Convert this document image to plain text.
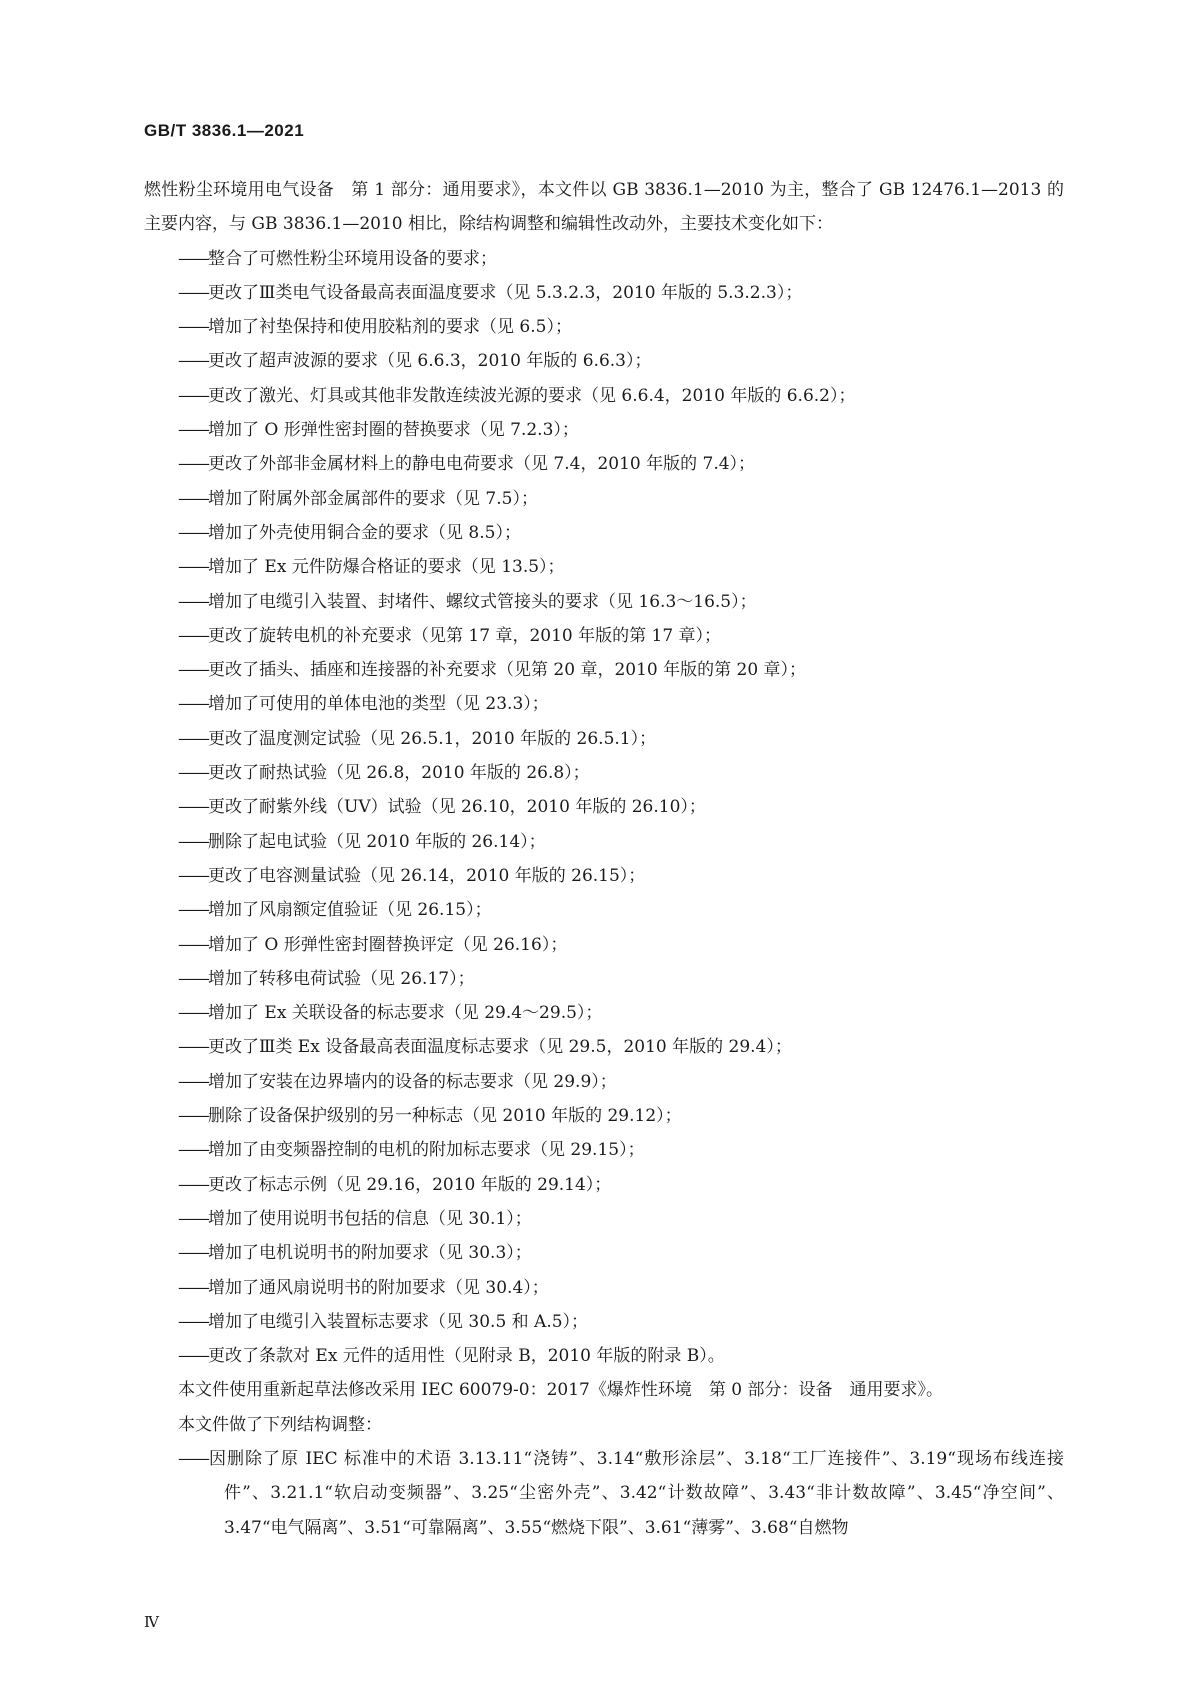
GB/T 3836.1—2021
燃性粉尘环境用电气设备　第 1 部分：通用要求》，本文件以 GB 3836.1—2010 为主，整合了 GB 12476.1—2013 的主要内容，与 GB 3836.1—2010 相比，除结构调整和编辑性改动外，主要技术变化如下：
——整合了可燃性粉尘环境用设备的要求；
——更改了Ⅲ类电气设备最高表面温度要求（见 5.3.2.3，2010 年版的 5.3.2.3）；
——增加了衬垫保持和使用胶粘剂的要求（见 6.5）；
——更改了超声波源的要求（见 6.6.3，2010 年版的 6.6.3）；
——更改了激光、灯具或其他非发散连续波光源的要求（见 6.6.4，2010 年版的 6.6.2）；
——增加了 O 形弹性密封圈的替换要求（见 7.2.3）；
——更改了外部非金属材料上的静电电荷要求（见 7.4，2010 年版的 7.4）；
——增加了附属外部金属部件的要求（见 7.5）；
——增加了外壳使用铜合金的要求（见 8.5）；
——增加了 Ex 元件防爆合格证的要求（见 13.5）；
——增加了电缆引入装置、封堵件、螺纹式管接头的要求（见 16.3～16.5）；
——更改了旋转电机的补充要求（见第 17 章，2010 年版的第 17 章）；
——更改了插头、插座和连接器的补充要求（见第 20 章，2010 年版的第 20 章）；
——增加了可使用的单体电池的类型（见 23.3）；
——更改了温度测定试验（见 26.5.1，2010 年版的 26.5.1）；
——更改了耐热试验（见 26.8，2010 年版的 26.8）；
——更改了耐紫外线（UV）试验（见 26.10，2010 年版的 26.10）；
——删除了起电试验（见 2010 年版的 26.14）；
——更改了电容测量试验（见 26.14，2010 年版的 26.15）；
——增加了风扇额定值验证（见 26.15）；
——增加了 O 形弹性密封圈替换评定（见 26.16）；
——增加了转移电荷试验（见 26.17）；
——增加了 Ex 关联设备的标志要求（见 29.4～29.5）；
——更改了Ⅲ类 Ex 设备最高表面温度标志要求（见 29.5，2010 年版的 29.4）；
——增加了安装在边界墙内的设备的标志要求（见 29.9）；
——删除了设备保护级别的另一种标志（见 2010 年版的 29.12）；
——增加了由变频器控制的电机的附加标志要求（见 29.15）；
——更改了标志示例（见 29.16，2010 年版的 29.14）；
——增加了使用说明书包括的信息（见 30.1）；
——增加了电机说明书的附加要求（见 30.3）；
——增加了通风扇说明书的附加要求（见 30.4）；
——增加了电缆引入装置标志要求（见 30.5 和 A.5）；
——更改了条款对 Ex 元件的适用性（见附录 B，2010 年版的附录 B）。
本文件使用重新起草法修改采用 IEC 60079-0：2017《爆炸性环境　第 0 部分：设备　通用要求》。
本文件做了下列结构调整：
——因删除了原 IEC 标准中的术语 3.13.11“浇铸”、3.14“敷形涂层”、3.18“工厂连接件”、3.19“现场布线连接件”、3.21.1“软启动变频器”、3.25“尘密外壳”、3.42“计数故障”、3.43“非计数故障”、3.45“净空间”、3.47“电气隔离”、3.51“可靠隔离”、3.55“燃烧下限”、3.61“薄雾”、3.68“自燃物
Ⅳ
